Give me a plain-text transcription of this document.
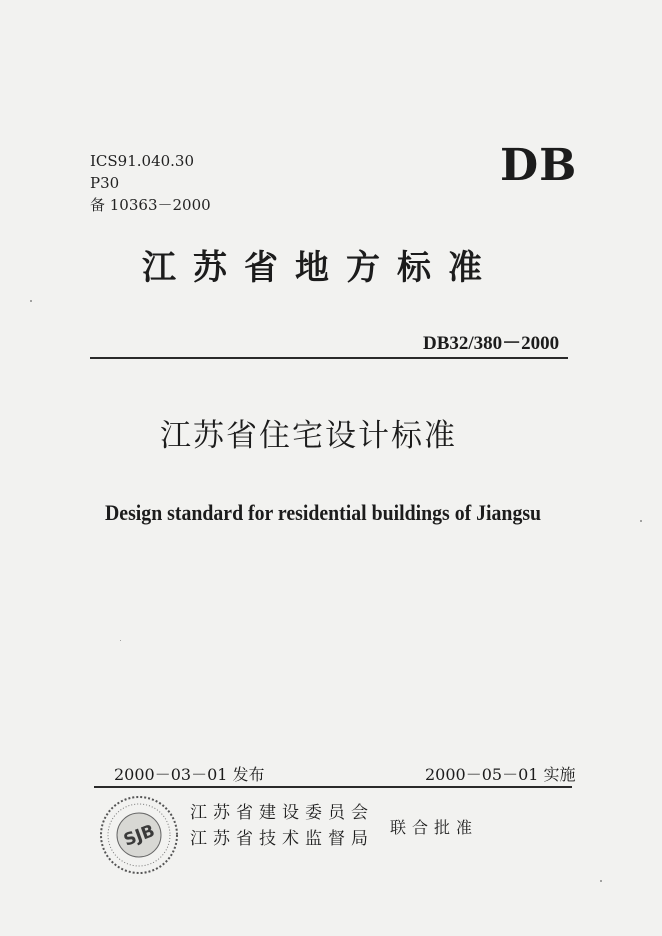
ICS91.040.30
P30
备 10363－2000
DB
江苏省地方标准
DB32/380－2000
江苏省住宅设计标准
Design standard for residential buildings of Jiangsu
2000－03－01 发布	2000－05－01 实施
SJB
江苏省建设委员会
江苏省技术监督局
联合批准
